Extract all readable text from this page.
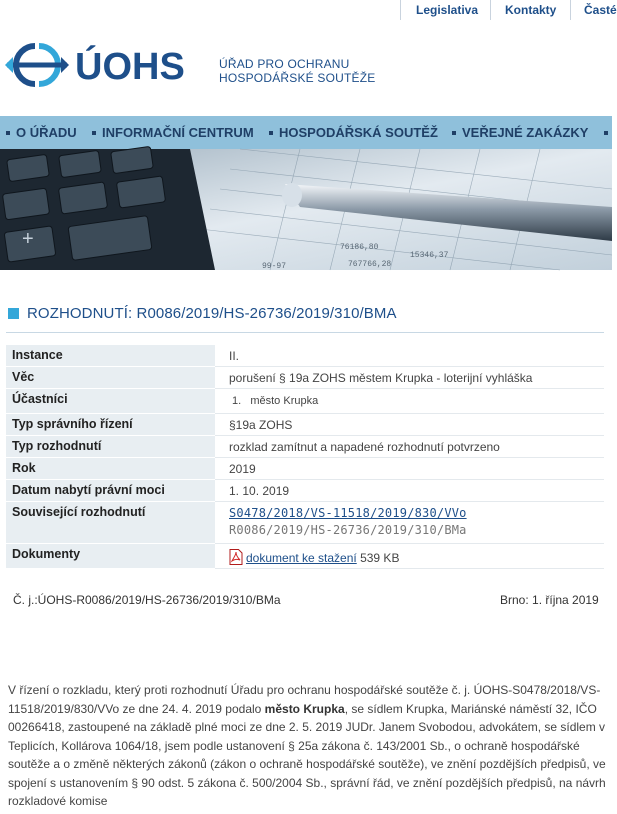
Legislativa Kontakty Časté
ÚOHS	ÚŘAD PRO OCHRANU
HOSPODÁŘSKÉ SOUTĚŽE
O ÚŘADU	INFORMAČNÍ CENTRUM	HOSPODÁŘSKÁ SOUTĚŽ	VEŘEJNÉ ZAKÁZKY
+	76186,80
15346,37
767766,28
99-97
ROZHODNUTÍ: R0086/2019/HS-26736/2019/310/BMA
Instance	II.
Věc	porušení § 19a ZOHS městem Krupka - loterijní vyhláška
Účastníci	1.   město Krupka
Typ správního řízení	§19a ZOHS
Typ rozhodnutí	rozklad zamítnut a napadené rozhodnutí potvrzeno
Rok	2019
Datum nabytí právní moci	1. 10. 2019
Související rozhodnutí	S0478/2018/VS-11518/2019/830/VVo
R0086/2019/HS-26736/2019/310/BMa

Dokumenty	dokument ke stažení 539 KB
Č. j.:ÚOHS-R0086/2019/HS-26736/2019/310/BMa	Brno: 1. října 2019
V řízení o rozkladu, který proti rozhodnutí Úřadu pro ochranu hospodářské soutěže č. j. ÚOHS-S0478/2018/VS-11518/2019/830/VVo ze dne 24. 4. 2019 podalo město Krupka, se sídlem Krupka, Mariánské náměstí 32, IČO 00266418, zastoupené na základě plné moci ze dne 2. 5. 2019 JUDr. Janem Svobodou, advokátem, se sídlem v Teplicích, Kollárova 1064/18, jsem podle ustanovení § 25a zákona č. 143/2001 Sb., o ochraně hospodářské soutěže a o změně některých zákonů (zákon o ochraně hospodářské soutěže), ve znění pozdějších předpisů, ve spojení s ustanovením § 90 odst. 5 zákona č. 500/2004 Sb., správní řád, ve znění pozdějších předpisů, na návrh rozkladové komise
